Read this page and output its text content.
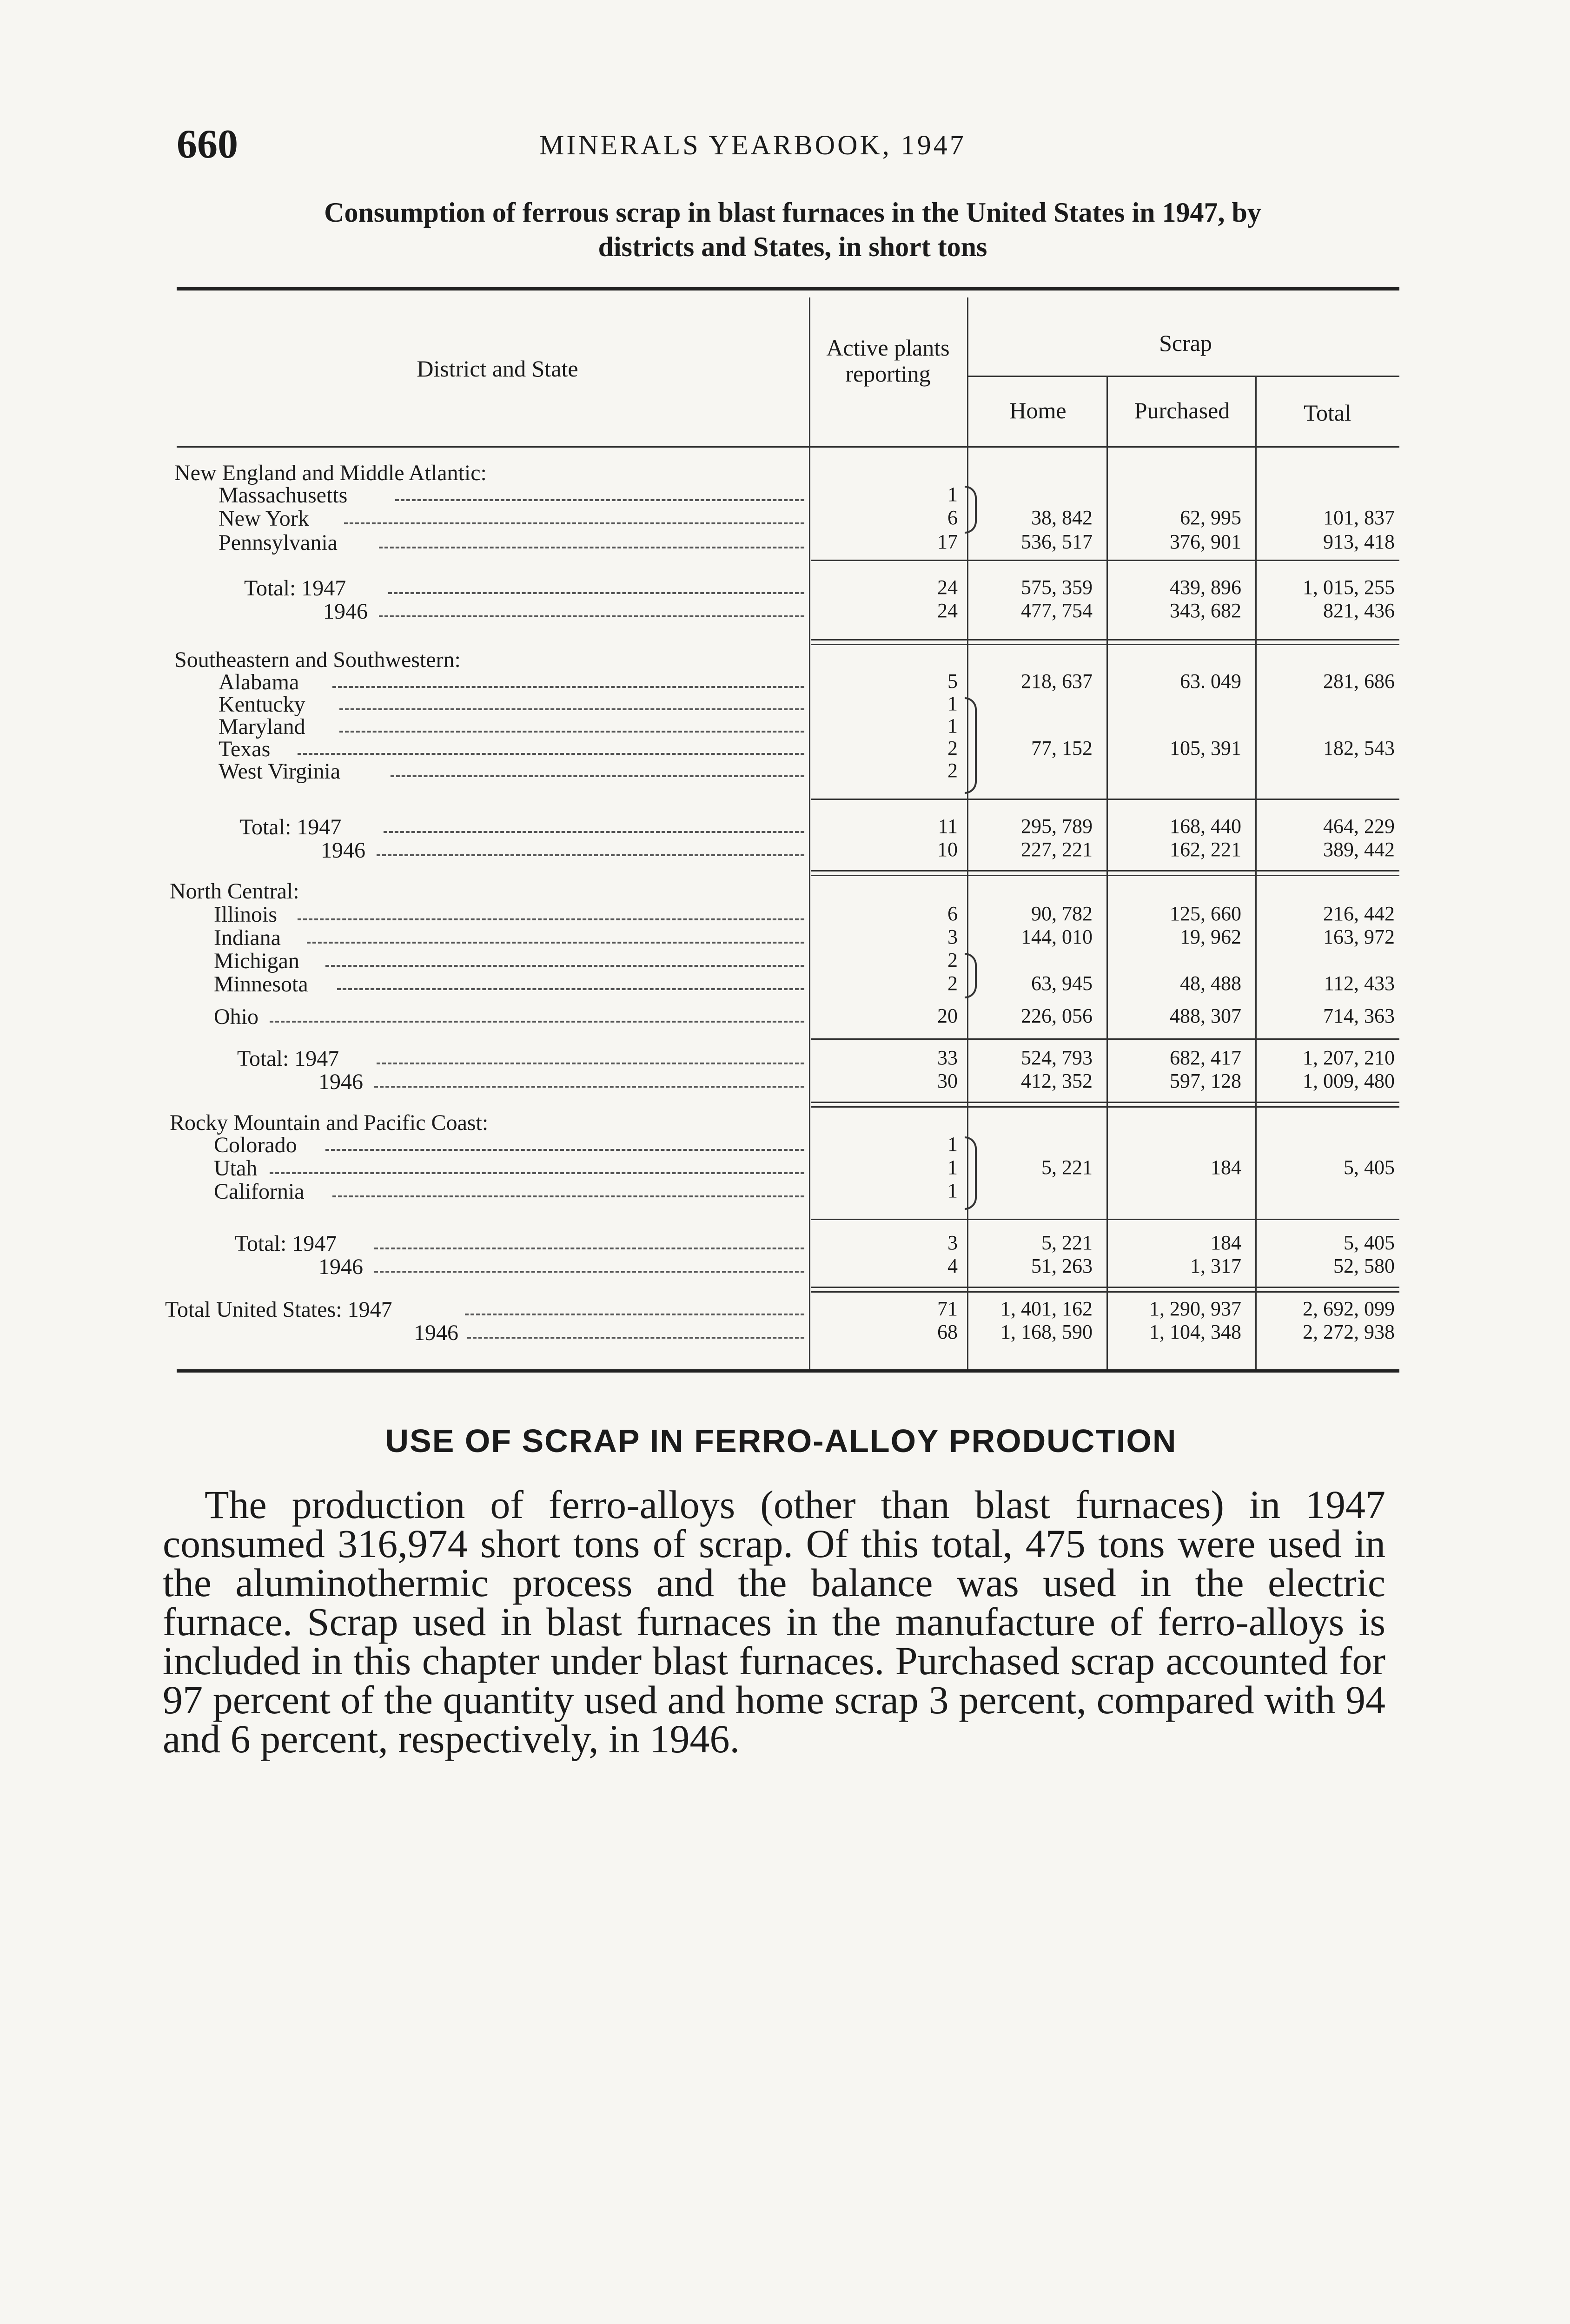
660	MINERALS YEARBOOK, 1947
Consumption of ferrous scrap in blast furnaces in the United States in 1947, by
districts and States, in short tons
District and State
Active plants reporting
Scrap
Home	Purchased	Total
New England and Middle Atlantic:
Massachusetts	1
New York	6	38, 842	62, 995	101, 837
Pennsylvania	17	536, 517	376, 901	913, 418
Total: 1947	24	575, 359	439, 896	1, 015, 255
1946	24	477, 754	343, 682	821, 436
Southeastern and Southwestern:
Alabama	5	218, 637	63. 049	281, 686
Kentucky	1
Maryland	1
Texas	2	77, 152	105, 391	182, 543
West Virginia	2
Total: 1947	11	295, 789	168, 440	464, 229
1946	10	227, 221	162, 221	389, 442
North Central:
Illinois	6	90, 782	125, 660	216, 442
Indiana	3	144, 010	19, 962	163, 972
Michigan	2
Minnesota	2	63, 945	48, 488	112, 433
Ohio	20	226, 056	488, 307	714, 363
Total: 1947	33	524, 793	682, 417	1, 207, 210
1946	30	412, 352	597, 128	1, 009, 480
Rocky Mountain and Pacific Coast:
Colorado	1
Utah	1	5, 221	184	5, 405
California	1
Total: 1947	3	5, 221	184	5, 405
1946	4	51, 263	1, 317	52, 580
Total United States: 1947	71	1, 401, 162	1, 290, 937	2, 692, 099
1946	68	1, 168, 590	1, 104, 348	2, 272, 938
USE OF SCRAP IN FERRO-ALLOY PRODUCTION
The production of ferro-alloys (other than blast furnaces) in 1947 consumed 316,974 short tons of scrap. Of this total, 475 tons were used in the aluminothermic process and the balance was used in the electric furnace. Scrap used in blast furnaces in the manufacture of ferro-alloys is included in this chapter under blast furnaces. Purchased scrap accounted for 97 percent of the quantity used and home scrap 3 percent, compared with 94 and 6 percent, respectively, in 1946.
